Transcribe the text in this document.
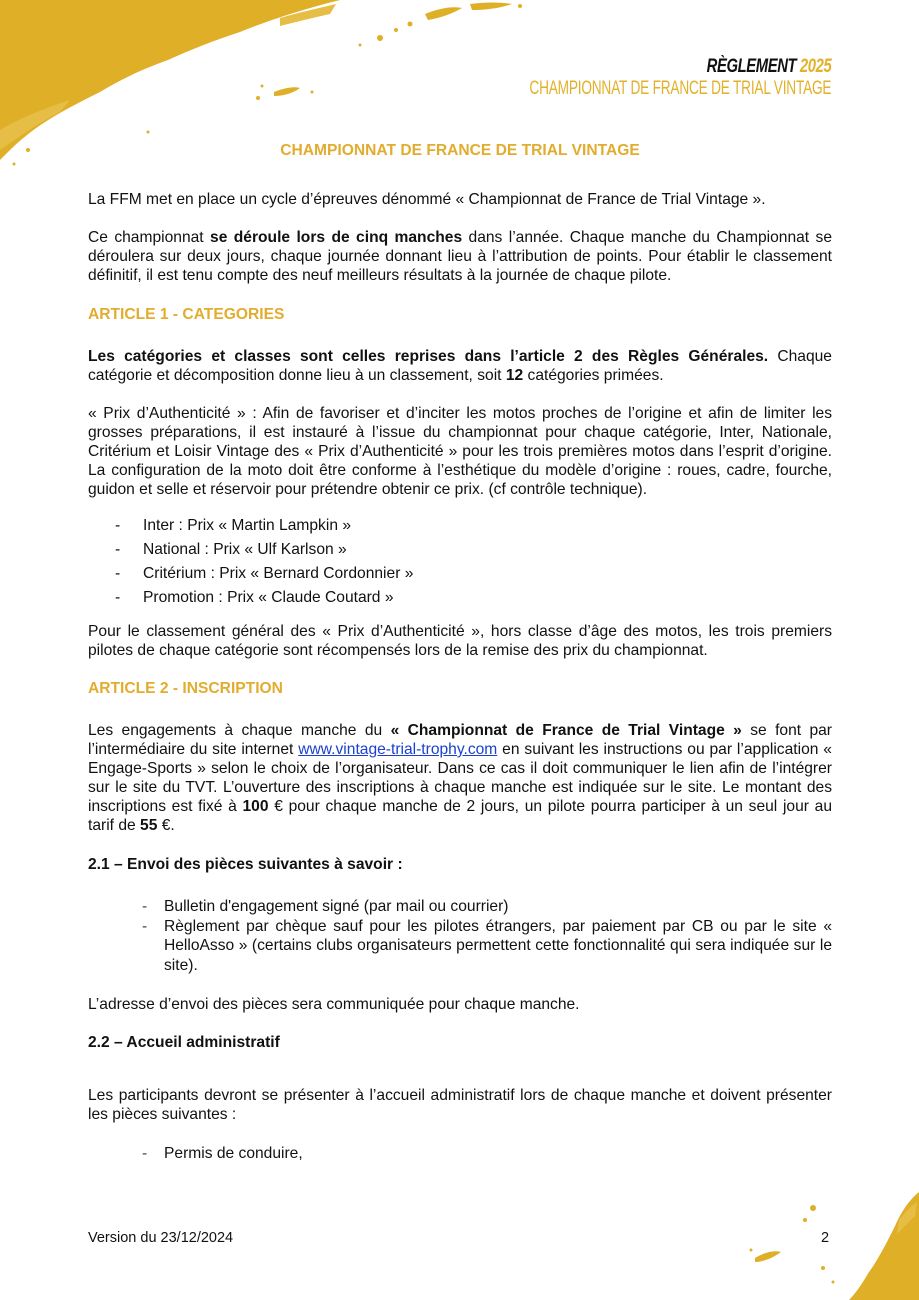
RÈGLEMENT 2025
CHAMPIONNAT DE FRANCE DE TRIAL VINTAGE
CHAMPIONNAT DE FRANCE DE TRIAL VINTAGE

La FFM met en place un cycle d’épreuves dénommé « Championnat de France de Trial Vintage ».

Ce championnat se déroule lors de cinq manches dans l’année. Chaque manche du Championnat se déroulera sur deux jours, chaque journée donnant lieu à l’attribution de points. Pour établir le classement définitif, il est tenu compte des neuf meilleurs résultats à la journée de chaque pilote.

ARTICLE 1 - CATEGORIES

Les catégories et classes sont celles reprises dans l’article 2 des Règles Générales. Chaque catégorie et décomposition donne lieu à un classement, soit 12 catégories primées.

« Prix d’Authenticité » : Afin de favoriser et d’inciter les motos proches de l’origine et afin de limiter les grosses préparations, il est instauré à l’issue du championnat pour chaque catégorie, Inter, Nationale, Critérium et Loisir Vintage des « Prix d’Authenticité » pour les trois premières motos dans l’esprit d’origine. La configuration de la moto doit être conforme à l’esthétique du modèle d’origine : roues, cadre, fourche, guidon et selle et réservoir pour prétendre obtenir ce prix. (cf contrôle technique).

- Inter : Prix « Martin Lampkin »
- National : Prix « Ulf Karlson »
- Critérium : Prix « Bernard Cordonnier »
- Promotion : Prix « Claude Coutard »

Pour le classement général des « Prix d’Authenticité », hors classe d’âge des motos, les trois premiers pilotes de chaque catégorie sont récompensés lors de la remise des prix du championnat.

ARTICLE 2 - INSCRIPTION

Les engagements à chaque manche du « Championnat de France de Trial Vintage » se font par l’intermédiaire du site internet www.vintage-trial-trophy.com en suivant les instructions ou par l’application « Engage-Sports » selon le choix de l’organisateur. Dans ce cas il doit communiquer le lien afin de l’intégrer sur le site du TVT. L’ouverture des inscriptions à chaque manche est indiquée sur le site. Le montant des inscriptions est fixé à 100 € pour chaque manche de 2 jours, un pilote pourra participer à un seul jour au tarif de 55 €.

2.1 – Envoi des pièces suivantes à savoir :
- Bulletin d'engagement signé (par mail ou courrier)
- Règlement par chèque sauf pour les pilotes étrangers, par paiement par CB ou par le site « HelloAsso » (certains clubs organisateurs permettent cette fonctionnalité qui sera indiquée sur le site).

L’adresse d’envoi des pièces sera communiquée pour chaque manche.

2.2 – Accueil administratif

Les participants devront se présenter à l’accueil administratif lors de chaque manche et doivent présenter les pièces suivantes :

- Permis de conduire,
Version du 23/12/2024	2
